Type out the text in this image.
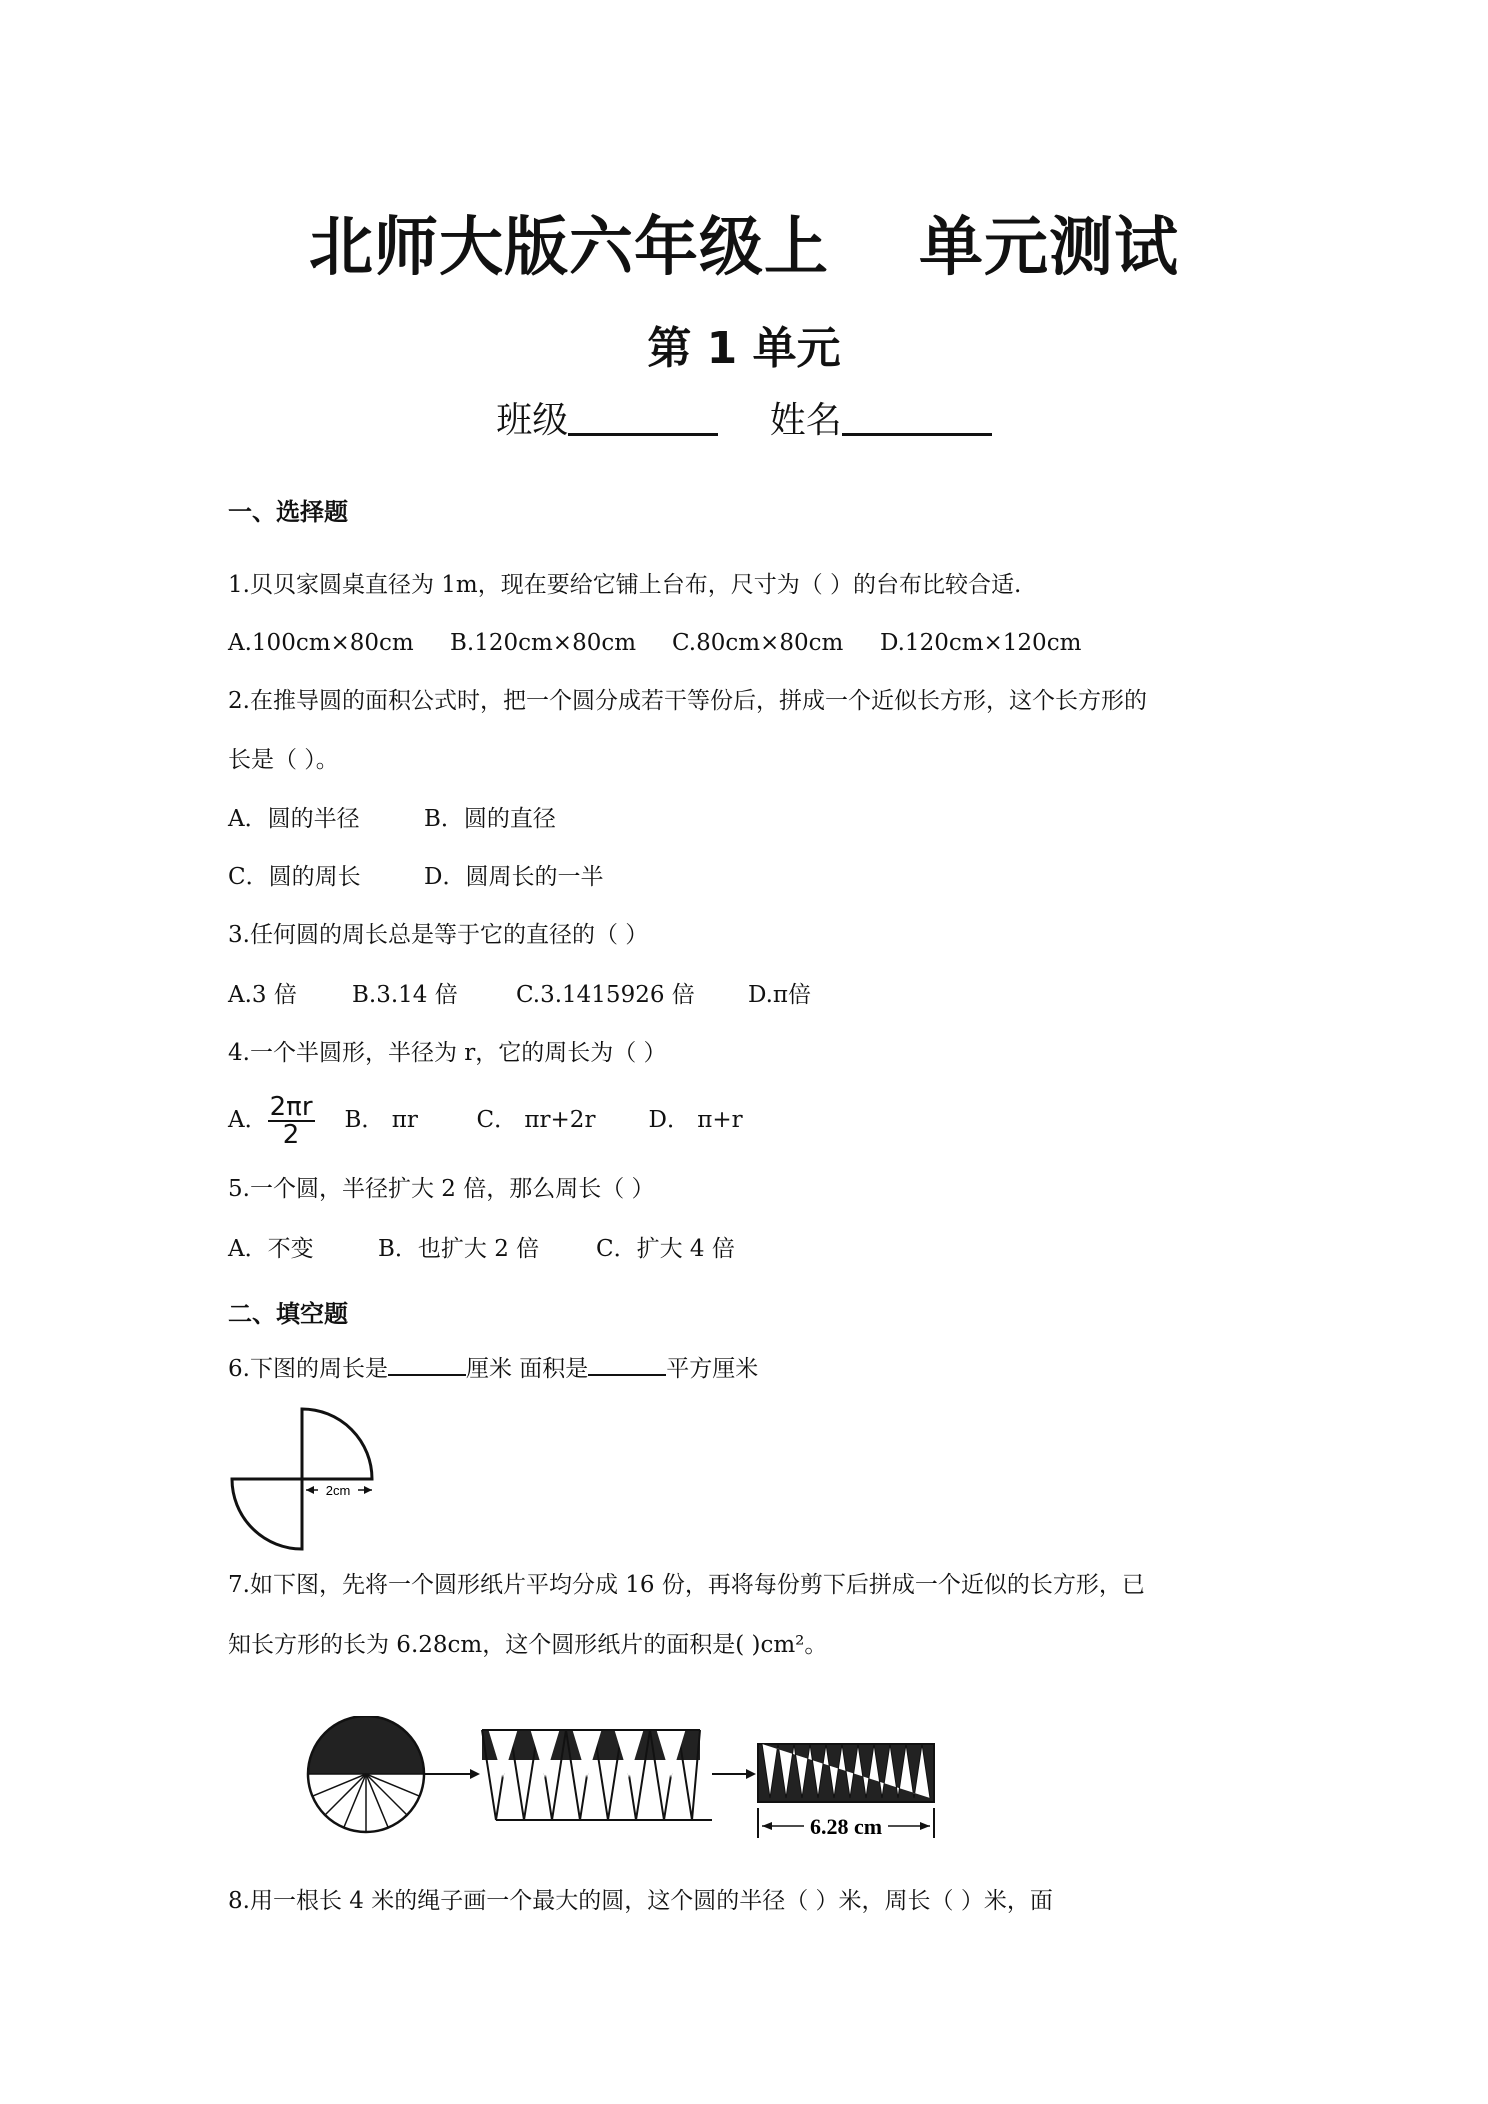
北师大版六年级上 单元测试
第 1 单元
班级	姓名
一、选择题
1.贝贝家圆桌直径为 1m，现在要给它铺上台布，尺寸为（ ）的台布比较合适.
A.100cm×80cm B.120cm×80cm C.80cm×80cm D.120cm×120cm
2.在推导圆的面积公式时，把一个圆分成若干等份后，拼成一个近似长方形，这个长方形的
长是（ ）。
A．圆的半径	B．圆的直径
C．圆的周长	D．圆周长的一半
3.任何圆的周长总是等于它的直径的（ ）
A.3 倍 B.3.14 倍	C.3.1415926 倍 D.π倍
4.一个半圆形，半径为 r，它的周长为（ ）
A． $\frac{2\pi r}{2}$ B． πr	C． πr+2r D． π+r
5.一个圆，半径扩大 2 倍，那么周长（ ）
A．不变	B．也扩大 2 倍 C．扩大 4 倍
二、填空题
6.下图的周长是	厘米 面积是	平方厘米
2cm
7.如下图，先将一个圆形纸片平均分成 16 份，再将每份剪下后拼成一个近似的长方形，已
知长方形的长为 6.28cm，这个圆形纸片的面积是( )cm²。
6.28 cm
8.用一根长 4 米的绳子画一个最大的圆，这个圆的半径（ ）米，周长（ ）米，面
